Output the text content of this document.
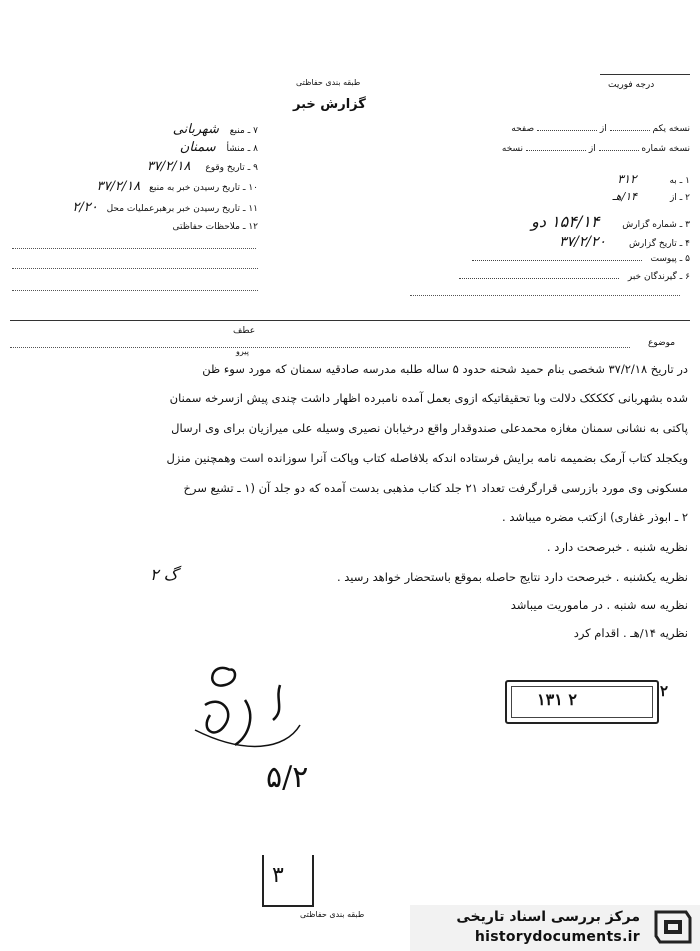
طبقه بندی حفاظتی
گزارش خبر
درجه فوریت
۷ ـ منبع شهربانی
۸ ـ منشأ سمنان
۹ ـ تاریخ وقوع ۳۷/۲/۱۸
۱۰ ـ تاریخ رسیدن خبر به منبع ۳۷/۲/۱۸
۱۱ ـ تاریخ رسیدن خبر برهبرعملیات محل ۲/۲۰
۱۲ ـ ملاحظات حفاظتی
نسخه یکم  از  صفحه
نسخه شماره  از  نسخه
۱ ـ به ۳۱۲
۲ ـ از ۱۴/هـ
۳ ـ شماره گزارش ۱۵۴/۱۴ دو
۴ ـ تاریخ گزارش ۳۷/۲/۲۰
۵ ـ پیوست
۶ ـ گیرندگان خبر
موضوع
عطف
پیرو
در تاریخ ۳۷/۲/۱۸ شخصی بنام حمید شحنه حدود ۵ ساله طلبه مدرسه صادقیه سمنان که مورد سوء ظن
شده بشهربانی ککککک دلالت وبا تحقیقاتیکه ازوی بعمل آمده نامبرده اظهار داشت چندی پیش ازسرخه سمنان
پاکتی به نشانی سمنان مغازه محمدعلی صندوقدار واقع درخیابان نصیری وسیله علی میرازیان برای وی ارسال
ویکجلد کتاب آرمک بضمیمه نامه برایش فرستاده اندکه بلافاصله کتاب وپاکت آنرا سوزانده است وهمچنین منزل
مسکونی وی مورد بازرسی قرارگرفت تعداد ۲۱ جلد کتاب مذهبی بدست آمده که دو جلد آن (۱ ـ تشیع سرخ
۲ ـ ابوذر غفاری) ازکتب مضره میباشد .
نظریه شنبه . خبرصحت دارد .
نظریه یکشنبه . خبرصحت دارد نتایج حاصله بموقع باستحضار خواهد رسید .
گ ۲
نظریه سه شنبه . در ماموریت میباشد
نظریه ۱۴/هـ . اقدام کرد
۱۳۱ ۲	۲
۵/۲
۳
طبقه بندی حفاظتی	مرکز بررسی اسناد تاریخی
historydocuments.ir
